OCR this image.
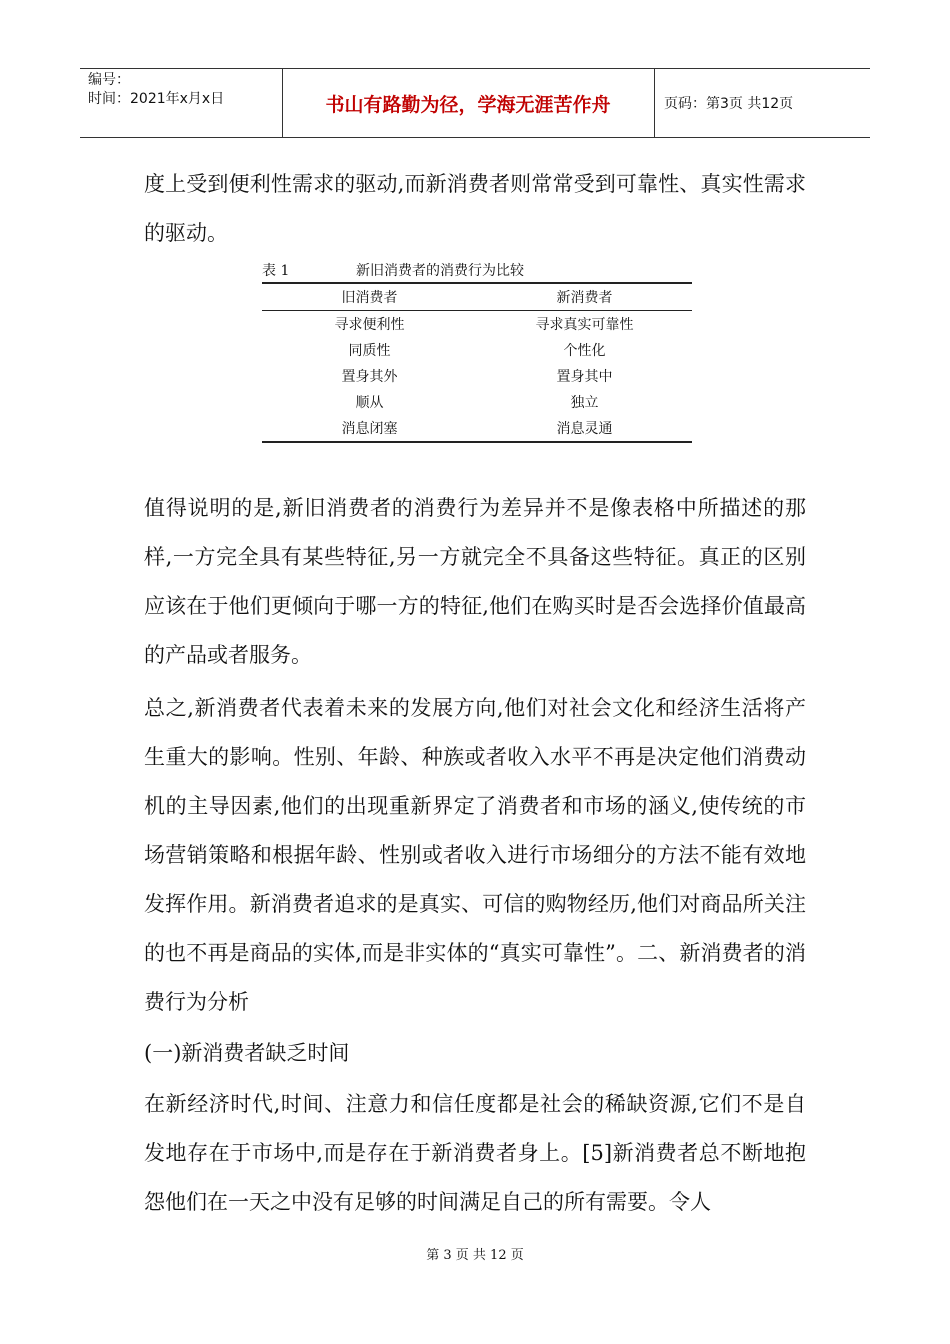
编号：
时间：2021年x月x日	书山有路勤为径，学海无涯苦作舟	页码：第3页 共12页

度上受到便利性需求的驱动,而新消费者则常常受到可靠性、真实性需求的驱动。

表 1	新旧消费者的消费行为比较
旧消费者	新消费者
寻求便利性	寻求真实可靠性
同质性	个性化
置身其外	置身其中
顺从	独立
消息闭塞	消息灵通

值得说明的是,新旧消费者的消费行为差异并不是像表格中所描述的那样,一方完全具有某些特征,另一方就完全不具备这些特征。真正的区别应该在于他们更倾向于哪一方的特征,他们在购买时是否会选择价值最高的产品或者服务。

总之,新消费者代表着未来的发展方向,他们对社会文化和经济生活将产生重大的影响。性别、年龄、种族或者收入水平不再是决定他们消费动机的主导因素,他们的出现重新界定了消费者和市场的涵义,使传统的市场营销策略和根据年龄、性别或者收入进行市场细分的方法不能有效地发挥作用。新消费者追求的是真实、可信的购物经历,他们对商品所关注的也不再是商品的实体,而是非实体的“真实可靠性”。二、新消费者的消费行为分析

(一)新消费者缺乏时间

在新经济时代,时间、注意力和信任度都是社会的稀缺资源,它们不是自发地存在于市场中,而是存在于新消费者身上。[5]新消费者总不断地抱怨他们在一天之中没有足够的时间满足自己的所有需要。令人

第 3 页 共 12 页
